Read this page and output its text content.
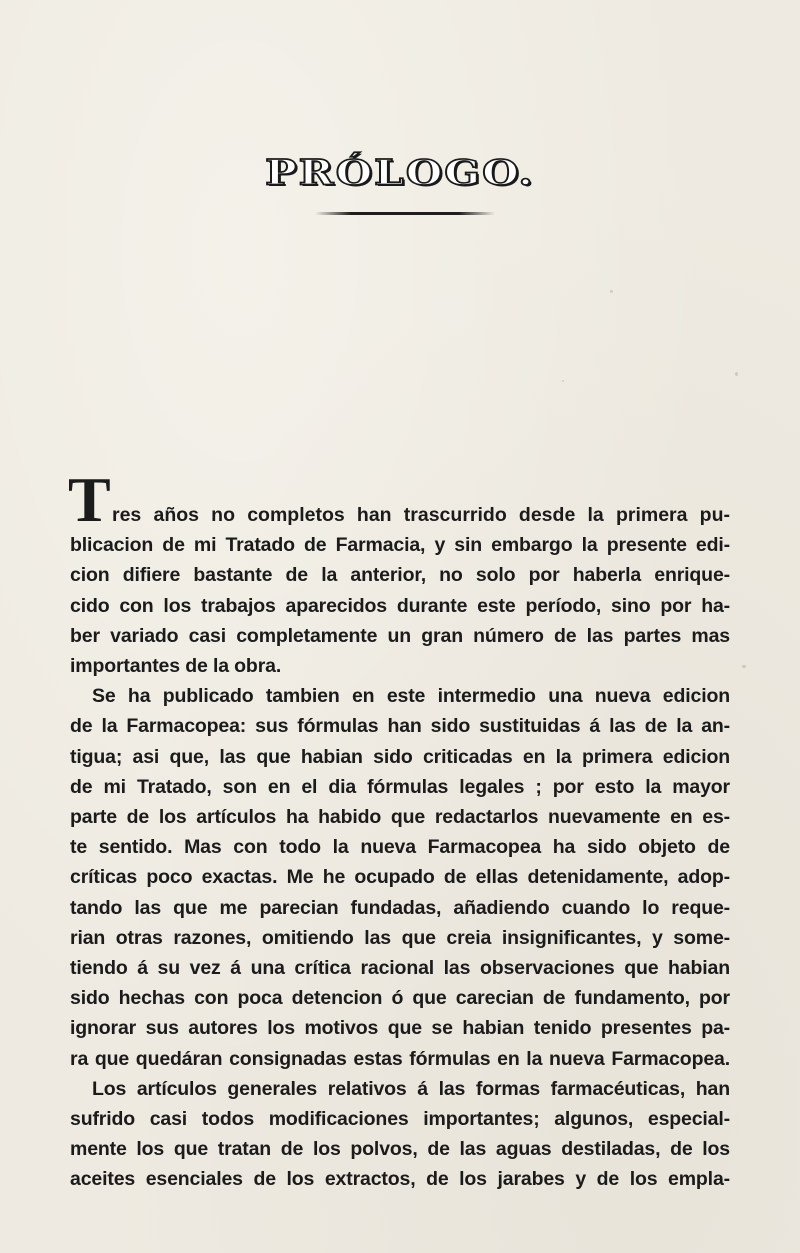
PRÓLOGO.
T res años no completos han trascurrido desde la primera pu-
blicacion de mi Tratado de Farmacia, y sin embargo la presente edi-
cion difiere bastante de la anterior, no solo por haberla enrique-
cido con los trabajos aparecidos durante este período, sino por ha-
ber variado casi completamente un gran número de las partes mas
importantes de la obra.
Se ha publicado tambien en este intermedio una nueva edicion
de la Farmacopea: sus fórmulas han sido sustituidas á las de la an-
tigua; asi que, las que habian sido criticadas en la primera edicion
de mi Tratado, son en el dia fórmulas legales ; por esto la mayor
parte de los artículos ha habido que redactarlos nuevamente en es-
te sentido. Mas con todo la nueva Farmacopea ha sido objeto de
críticas poco exactas. Me he ocupado de ellas detenidamente, adop-
tando las que me parecian fundadas, añadiendo cuando lo reque-
rian otras razones, omitiendo las que creia insignificantes, y some-
tiendo á su vez á una crítica racional las observaciones que habian
sido hechas con poca detencion ó que carecian de fundamento, por
ignorar sus autores los motivos que se habian tenido presentes pa-
ra que quedáran consignadas estas fórmulas en la nueva Farmacopea.
Los artículos generales relativos á las formas farmacéuticas, han
sufrido casi todos modificaciones importantes; algunos, especial-
mente los que tratan de los polvos, de las aguas destiladas, de los
aceites esenciales de los extractos, de los jarabes y de los empla-
